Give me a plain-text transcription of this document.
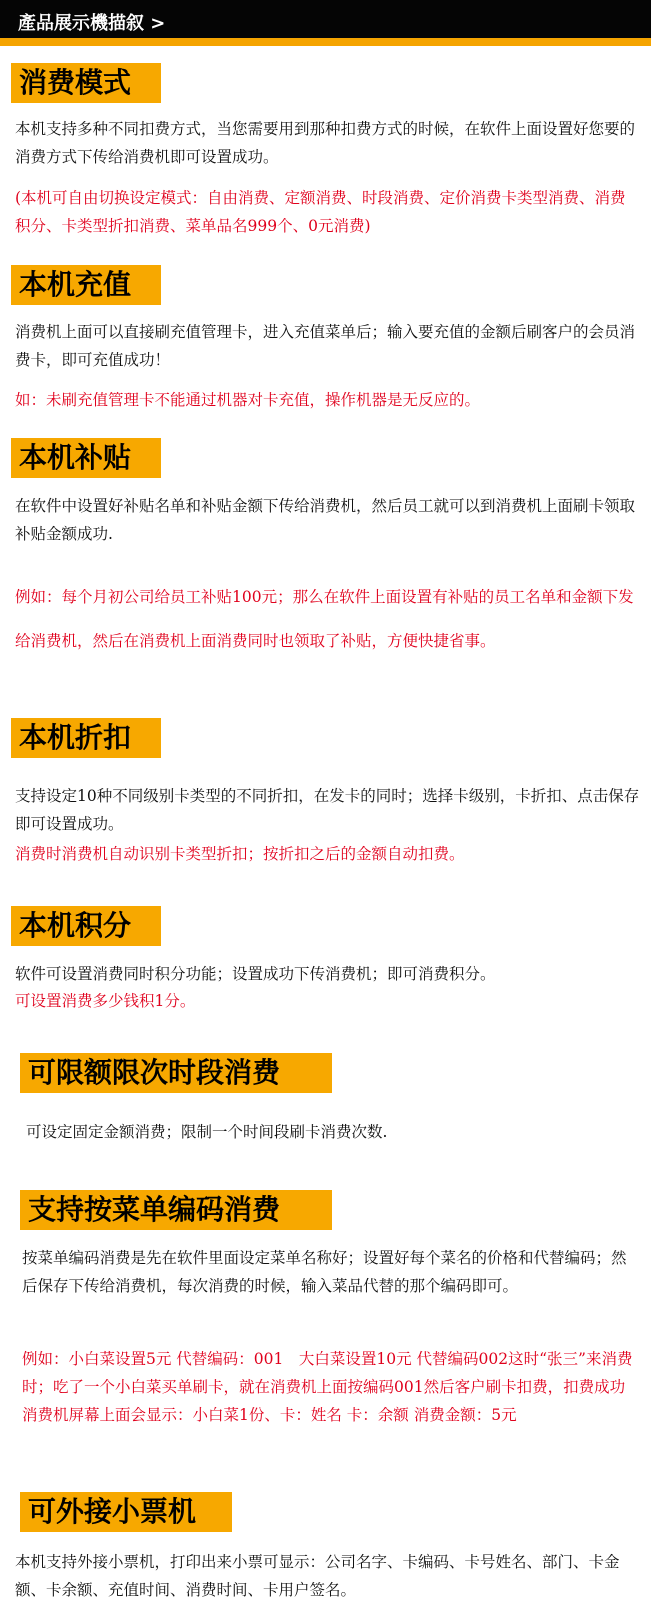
產品展示機描叙 >
消费模式
本机支持多种不同扣费方式，当您需要用到那种扣费方式的时候，在软件上面设置好您要的消费方式下传给消费机即可设置成功。
(本机可自由切换设定模式：自由消费、定额消费、时段消费、定价消费卡类型消费、消费积分、卡类型折扣消费、菜单品名999个、0元消费)
本机充值
消费机上面可以直接刷充值管理卡，进入充值菜单后；输入要充值的金额后刷客户的会员消费卡，即可充值成功！
如：未刷充值管理卡不能通过机器对卡充值，操作机器是无反应的。
本机补贴
在软件中设置好补贴名单和补贴金额下传给消费机，然后员工就可以到消费机上面刷卡领取补贴金额成功.
例如：每个月初公司给员工补贴100元；那么在软件上面设置有补贴的员工名单和金额下发给消费机，然后在消费机上面消费同时也领取了补贴，方便快捷省事。
本机折扣
支持设定10种不同级别卡类型的不同折扣，在发卡的同时；选择卡级别，卡折扣、点击保存即可设置成功。
消费时消费机自动识别卡类型折扣；按折扣之后的金额自动扣费。
本机积分
软件可设置消费同时积分功能；设置成功下传消费机；即可消费积分。
可设置消费多少钱积1分。
可限额限次时段消费
可设定固定金额消费；限制一个时间段刷卡消费次数.
支持按菜单编码消费
按菜单编码消费是先在软件里面设定菜单名称好；设置好每个菜名的价格和代替编码；然后保存下传给消费机，每次消费的时候，输入菜品代替的那个编码即可。
例如：小白菜设置5元 代替编码：001　大白菜设置10元 代替编码002这时“张三”来消费时；吃了一个小白菜买单刷卡，就在消费机上面按编码001然后客户刷卡扣费，扣费成功消费机屏幕上面会显示：小白菜1份、卡：姓名 卡：余额 消费金额：5元
可外接小票机
本机支持外接小票机，打印出来小票可显示：公司名字、卡编码、卡号姓名、部门、卡金额、卡余额、充值时间、消费时间、卡用户签名。
